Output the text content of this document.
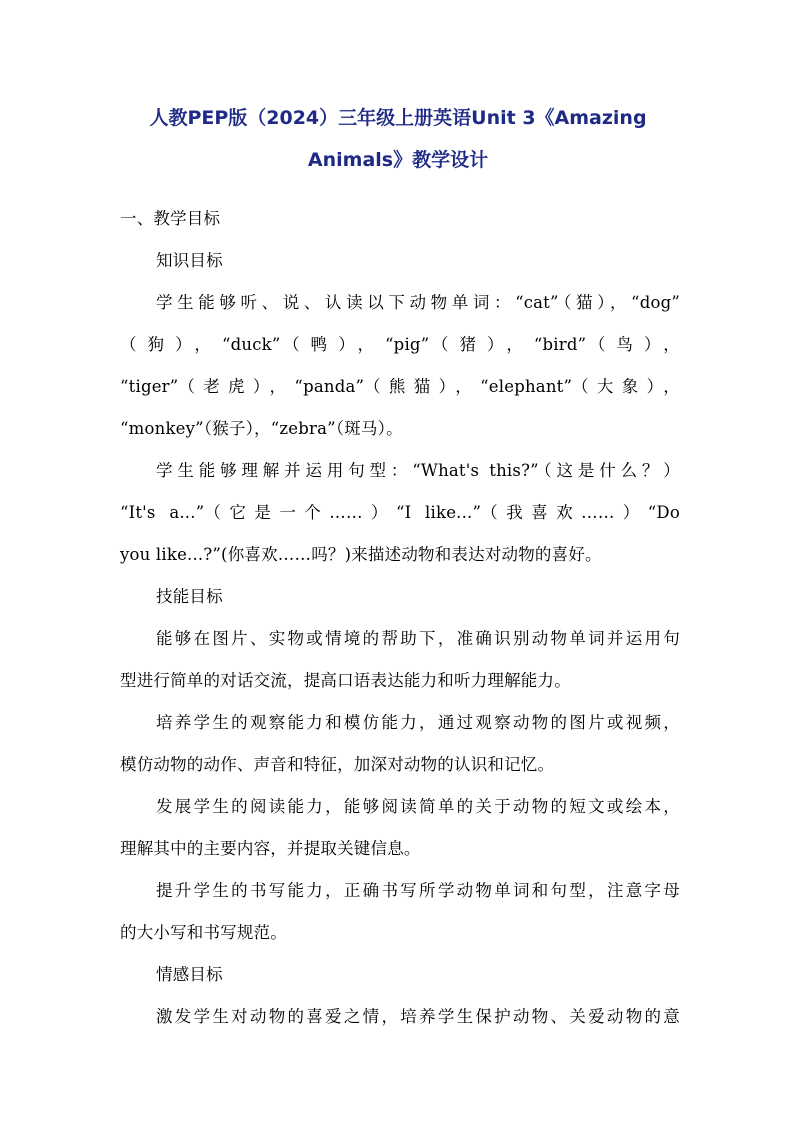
人教PEP版（2024）三年级上册英语Unit 3《Amazing
Animals》教学设计
一、教学目标
知识目标
学生能够听、说、认读以下动物单词：“cat”（猫），“dog”
（狗），“duck”（鸭），“pig”（猪），“bird”（鸟），
“tiger”（老虎），“panda”（熊猫），“elephant”（大象），
“monkey”（猴子），“zebra”（斑马）。
学生能够理解并运用句型：“What's this?”（这是什么？）
“It's a...”（它是一个……）“I like...”（我喜欢……）“Do
you like...?”(你喜欢……吗？)来描述动物和表达对动物的喜好。
技能目标
能够在图片、实物或情境的帮助下，准确识别动物单词并运用句
型进行简单的对话交流，提高口语表达能力和听力理解能力。
培养学生的观察能力和模仿能力，通过观察动物的图片或视频，
模仿动物的动作、声音和特征，加深对动物的认识和记忆。
发展学生的阅读能力，能够阅读简单的关于动物的短文或绘本，
理解其中的主要内容，并提取关键信息。
提升学生的书写能力，正确书写所学动物单词和句型，注意字母
的大小写和书写规范。
情感目标
激发学生对动物的喜爱之情，培养学生保护动物、关爱动物的意
